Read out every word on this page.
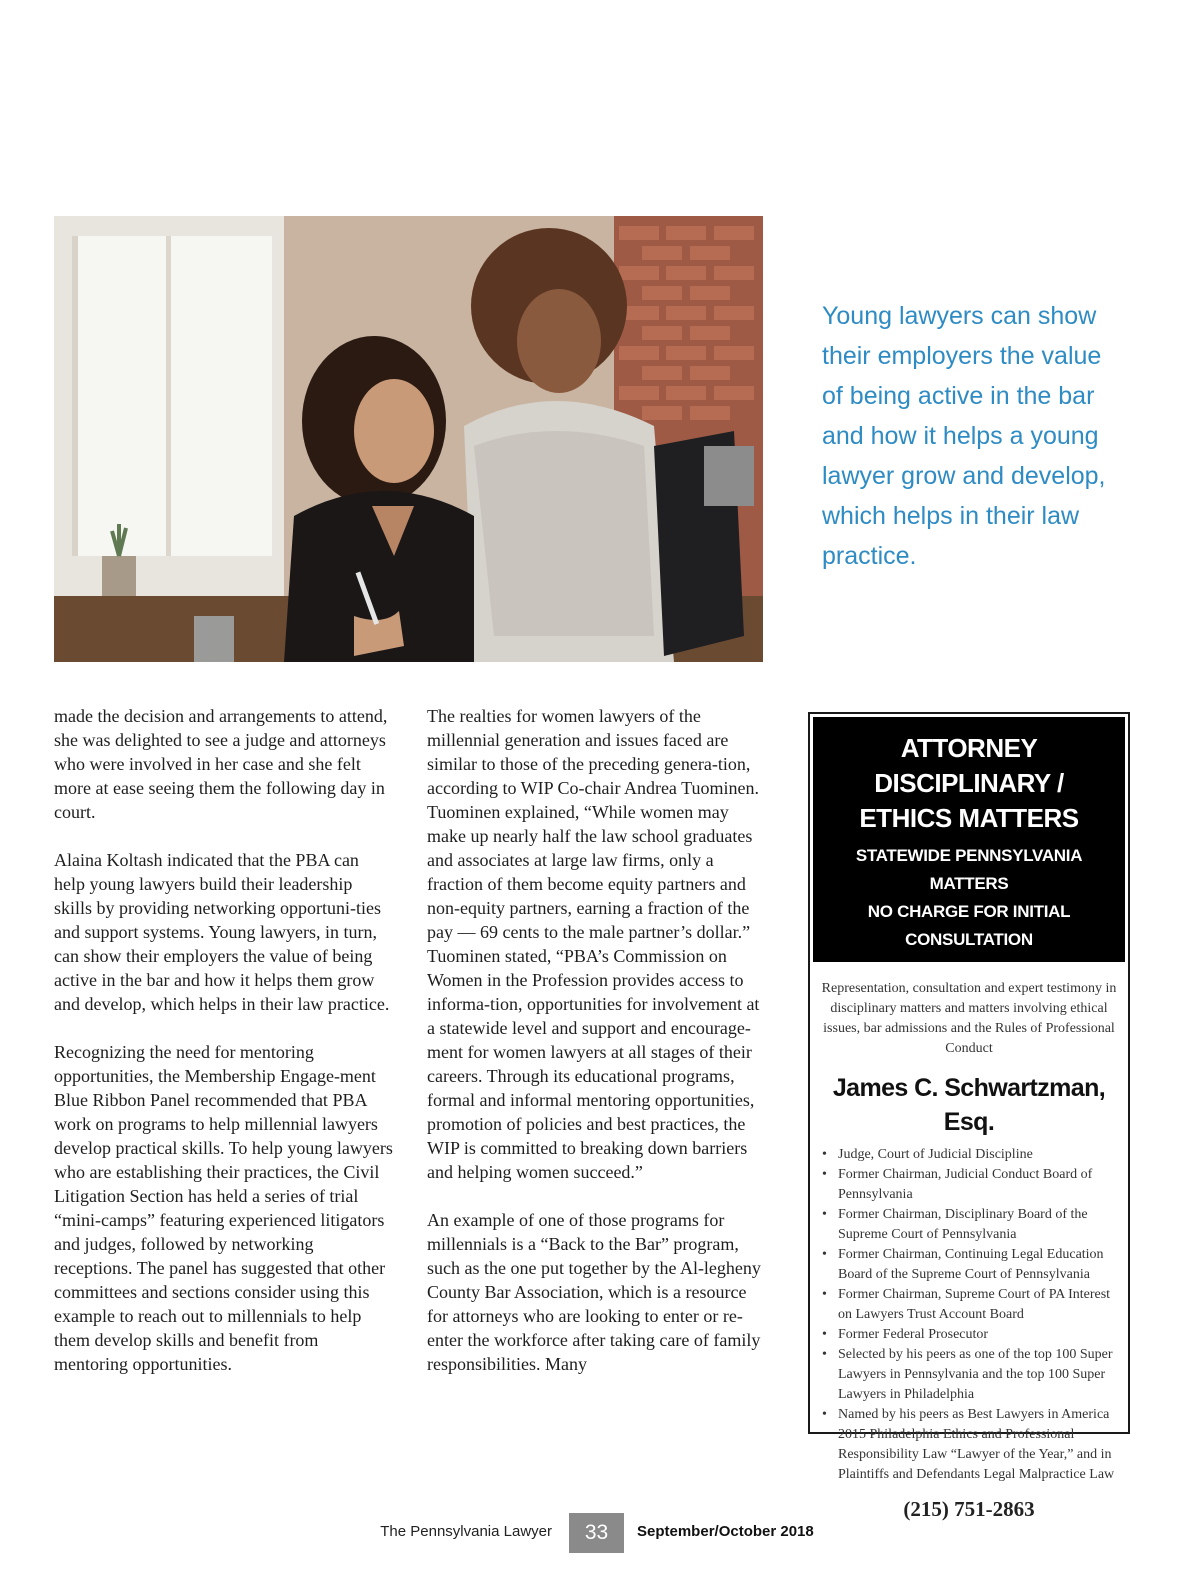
Young lawyers can show their employers the value of being active in the bar and how it helps a young lawyer grow and develop, which helps in their law practice.

made the decision and arrangements to attend, she was delighted to see a judge and attorneys who were involved in her case and she felt more at ease seeing them the following day in court.

Alaina Koltash indicated that the PBA can help young lawyers build their leadership skills by providing networking opportuni-ties and support systems. Young lawyers, in turn, can show their employers the value of being active in the bar and how it helps them grow and develop, which helps in their law practice.

Recognizing the need for mentoring opportunities, the Membership Engage-ment Blue Ribbon Panel recommended that PBA work on programs to help millennial lawyers develop practical skills. To help young lawyers who are establishing their practices, the Civil Litigation Section has held a series of trial “mini-camps” featuring experienced litigators and judges, followed by networking receptions. The panel has suggested that other committees and sections consider using this example to reach out to millennials to help them develop skills and benefit from mentoring opportunities.

The realties for women lawyers of the millennial generation and issues faced are similar to those of the preceding genera-tion, according to WIP Co-chair Andrea Tuominen. Tuominen explained, “While women may make up nearly half the law school graduates and associates at large law firms, only a fraction of them become equity partners and non-equity partners, earning a fraction of the pay — 69 cents to the male partner’s dollar.” Tuominen stated, “PBA’s Commission on Women in the Profession provides access to informa-tion, opportunities for involvement at a statewide level and support and encourage-ment for women lawyers at all stages of their careers. Through its educational programs, formal and informal mentoring opportunities, promotion of policies and best practices, the WIP is committed to breaking down barriers and helping women succeed.”

An example of one of those programs for millennials is a “Back to the Bar” program, such as the one put together by the Al-legheny County Bar Association, which is a resource for attorneys who are looking to enter or re-enter the workforce after taking care of family responsibilities. Many

ATTORNEY DISCIPLINARY /
ETHICS MATTERS
STATEWIDE PENNSYLVANIA MATTERS
NO CHARGE FOR INITIAL CONSULTATION
Representation, consultation and expert testimony in disciplinary matters and matters involving ethical issues, bar admissions and the Rules of Professional Conduct
James C. Schwartzman, Esq.
• Judge, Court of Judicial Discipline
• Former Chairman, Judicial Conduct Board of Pennsylvania
• Former Chairman, Disciplinary Board of the Supreme Court of Pennsylvania
• Former Chairman, Continuing Legal Education Board of the Supreme Court of Pennsylvania
• Former Chairman, Supreme Court of PA Interest on Lawyers Trust Account Board
• Former Federal Prosecutor
• Selected by his peers as one of the top 100 Super Lawyers in Pennsylvania and the top 100 Super Lawyers in Philadelphia
• Named by his peers as Best Lawyers in America 2015 Philadelphia Ethics and Professional Responsibility Law “Lawyer of the Year,” and in Plaintiffs and Defendants Legal Malpractice Law
(215) 751-2863
The Pennsylvania Lawyer	33	September/October 2018
